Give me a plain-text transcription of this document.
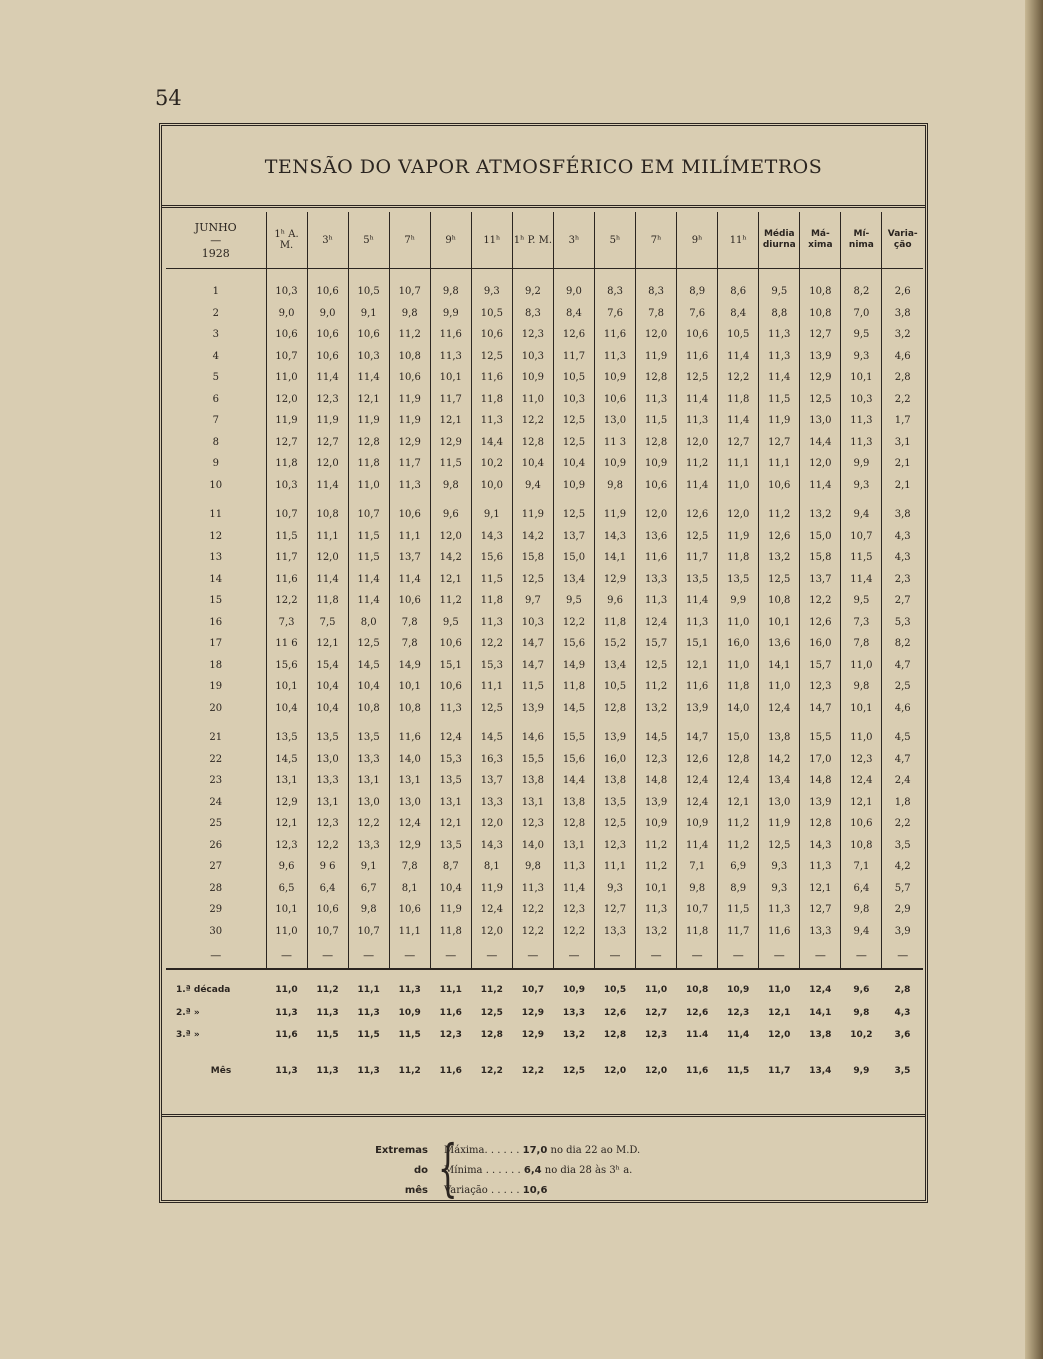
54
TENSÃO DO VAPOR ATMOSFÉRICO EM MILÍMETROS
JUNHO
—
1928	1ʰ A. M.	3ʰ	5ʰ	7ʰ	9ʰ	11ʰ	1ʰ P. M.	3ʰ	5ʰ	7ʰ	9ʰ	11ʰ	Média diurna	Má- xima	Mí- nima	Varia- ção
1	10,3	10,6	10,5	10,7	9,8	9,3	9,2	9,0	8,3	8,3	8,9	8,6	9,5	10,8	8,2	2,6
2	9,0	9,0	9,1	9,8	9,9	10,5	8,3	8,4	7,6	7,8	7,6	8,4	8,8	10,8	7,0	3,8
3	10,6	10,6	10,6	11,2	11,6	10,6	12,3	12,6	11,6	12,0	10,6	10,5	11,3	12,7	9,5	3,2
4	10,7	10,6	10,3	10,8	11,3	12,5	10,3	11,7	11,3	11,9	11,6	11,4	11,3	13,9	9,3	4,6
5	11,0	11,4	11,4	10,6	10,1	11,6	10,9	10,5	10,9	12,8	12,5	12,2	11,4	12,9	10,1	2,8
6	12,0	12,3	12,1	11,9	11,7	11,8	11,0	10,3	10,6	11,3	11,4	11,8	11,5	12,5	10,3	2,2
7	11,9	11,9	11,9	11,9	12,1	11,3	12,2	12,5	13,0	11,5	11,3	11,4	11,9	13,0	11,3	1,7
8	12,7	12,7	12,8	12,9	12,9	14,4	12,8	12,5	11 3	12,8	12,0	12,7	12,7	14,4	11,3	3,1
9	11,8	12,0	11,8	11,7	11,5	10,2	10,4	10,4	10,9	10,9	11,2	11,1	11,1	12,0	9,9	2,1
10	10,3	11,4	11,0	11,3	9,8	10,0	9,4	10,9	9,8	10,6	11,4	11,0	10,6	11,4	9,3	2,1

11	10,7	10,8	10,7	10,6	9,6	9,1	11,9	12,5	11,9	12,0	12,6	12,0	11,2	13,2	9,4	3,8
12	11,5	11,1	11,5	11,1	12,0	14,3	14,2	13,7	14,3	13,6	12,5	11,9	12,6	15,0	10,7	4,3
13	11,7	12,0	11,5	13,7	14,2	15,6	15,8	15,0	14,1	11,6	11,7	11,8	13,2	15,8	11,5	4,3
14	11,6	11,4	11,4	11,4	12,1	11,5	12,5	13,4	12,9	13,3	13,5	13,5	12,5	13,7	11,4	2,3
15	12,2	11,8	11,4	10,6	11,2	11,8	9,7	9,5	9,6	11,3	11,4	9,9	10,8	12,2	9,5	2,7
16	7,3	7,5	8,0	7,8	9,5	11,3	10,3	12,2	11,8	12,4	11,3	11,0	10,1	12,6	7,3	5,3
17	11 6	12,1	12,5	7,8	10,6	12,2	14,7	15,6	15,2	15,7	15,1	16,0	13,6	16,0	7,8	8,2
18	15,6	15,4	14,5	14,9	15,1	15,3	14,7	14,9	13,4	12,5	12,1	11,0	14,1	15,7	11,0	4,7
19	10,1	10,4	10,4	10,1	10,6	11,1	11,5	11,8	10,5	11,2	11,6	11,8	11,0	12,3	9,8	2,5
20	10,4	10,4	10,8	10,8	11,3	12,5	13,9	14,5	12,8	13,2	13,9	14,0	12,4	14,7	10,1	4,6

21	13,5	13,5	13,5	11,6	12,4	14,5	14,6	15,5	13,9	14,5	14,7	15,0	13,8	15,5	11,0	4,5
22	14,5	13,0	13,3	14,0	15,3	16,3	15,5	15,6	16,0	12,3	12,6	12,8	14,2	17,0	12,3	4,7
23	13,1	13,3	13,1	13,1	13,5	13,7	13,8	14,4	13,8	14,8	12,4	12,4	13,4	14,8	12,4	2,4
24	12,9	13,1	13,0	13,0	13,1	13,3	13,1	13,8	13,5	13,9	12,4	12,1	13,0	13,9	12,1	1,8
25	12,1	12,3	12,2	12,4	12,1	12,0	12,3	12,8	12,5	10,9	10,9	11,2	11,9	12,8	10,6	2,2
26	12,3	12,2	13,3	12,9	13,5	14,3	14,0	13,1	12,3	11,2	11,4	11,2	12,5	14,3	10,8	3,5
27	9,6	9 6	9,1	7,8	8,7	8,1	9,8	11,3	11,1	11,2	7,1	6,9	9,3	11,3	7,1	4,2
28	6,5	6,4	6,7	8,1	10,4	11,9	11,3	11,4	9,3	10,1	9,8	8,9	9,3	12,1	6,4	5,7
29	10,1	10,6	9,8	10,6	11,9	12,4	12,2	12,3	12,7	11,3	10,7	11,5	11,3	12,7	9,8	2,9
30	11,0	10,7	10,7	11,1	11,8	12,0	12,2	12,2	13,3	13,2	11,8	11,7	11,6	13,3	9,4	3,9
—	—	—	—	—	—	—	—	—	—	—	—	—	—	—	—	—
1.ª década	11,0	11,2	11,1	11,3	11,1	11,2	10,7	10,9	10,5	11,0	10,8	10,9	11,0	12,4	9,6	2,8
2.ª »	11,3	11,3	11,3	10,9	11,6	12,5	12,9	13,3	12,6	12,7	12,6	12,3	12,1	14,1	9,8	4,3
3.ª »	11,6	11,5	11,5	11,5	12,3	12,8	12,9	13,2	12,8	12,3	11.4	11,4	12,0	13,8	10,2	3,6

Mês	11,3	11,3	11,3	11,2	11,6	12,2	12,2	12,5	12,0	12,0	11,6	11,5	11,7	13,4	9,9	3,5
Extremas
do
mês {
Máxima. . . . . . 17,0 no dia 22 ao M.D.
Mínima . . . . . . 6,4 no dia 28 às 3ʰ a.
Variação . . . . . 10,6
